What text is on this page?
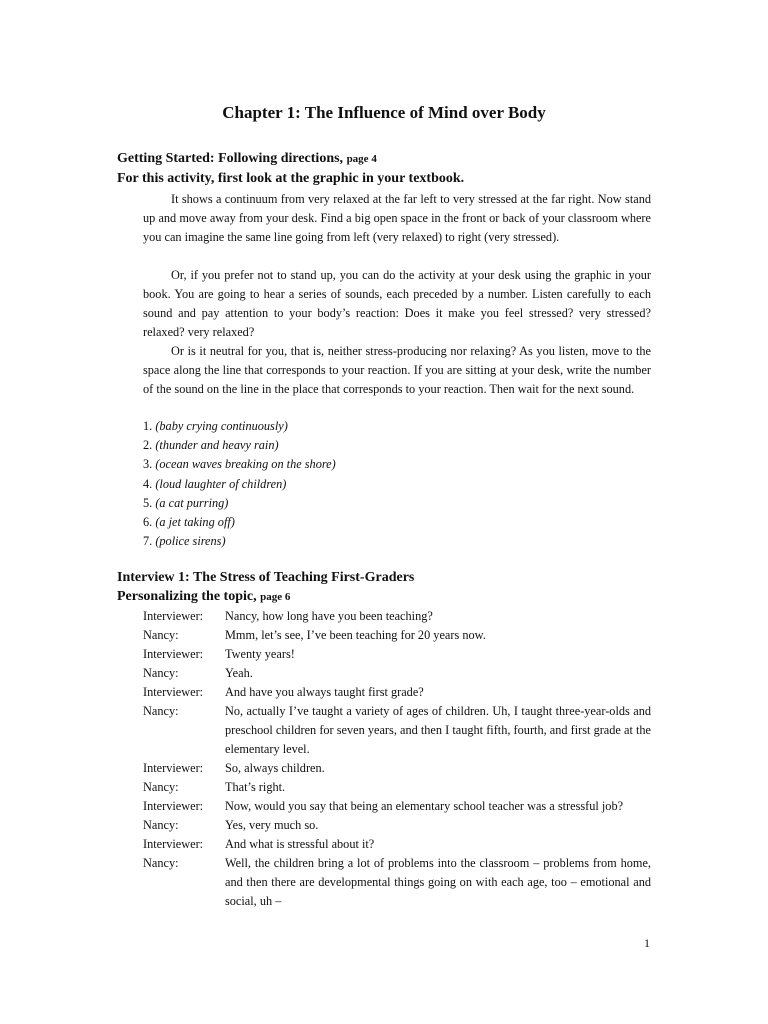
Chapter 1: The Influence of Mind over Body
Getting Started: Following directions, page 4
For this activity, first look at the graphic in your textbook.

It shows a continuum from very relaxed at the far left to very stressed at the far right. Now stand up and move away from your desk. Find a big open space in the front or back of your classroom where you can imagine the same line going from left (very relaxed) to right (very stressed).

Or, if you prefer not to stand up, you can do the activity at your desk using the graphic in your book. You are going to hear a series of sounds, each preceded by a number. Listen carefully to each sound and pay attention to your body’s reaction: Does it make you feel stressed? very stressed? relaxed? very relaxed?

Or is it neutral for you, that is, neither stress-producing nor relaxing? As you listen, move to the space along the line that corresponds to your reaction. If you are sitting at your desk, write the number of the sound on the line in the place that corresponds to your reaction. Then wait for the next sound.

1. (baby crying continuously)
2. (thunder and heavy rain)
3. (ocean waves breaking on the shore)
4. (loud laughter of children)
5. (a cat purring)
6. (a jet taking off)
7. (police sirens)
Interview 1: The Stress of Teaching First-Graders
Personalizing the topic, page 6
Interviewer:	Nancy, how long have you been teaching?
Nancy:	Mmm, let’s see, I’ve been teaching for 20 years now.
Interviewer:	Twenty years!
Nancy:	Yeah.
Interviewer:	And have you always taught first grade?
Nancy:	No, actually I’ve taught a variety of ages of children. Uh, I taught three-year-olds and preschool children for seven years, and then I taught fifth, fourth, and first grade at the elementary level.
Interviewer:	So, always children.
Nancy:	That’s right.
Interviewer:	Now, would you say that being an elementary school teacher was a stressful job?
Nancy:	Yes, very much so.
Interviewer:	And what is stressful about it?
Nancy:	Well, the children bring a lot of problems into the classroom – problems from home, and then there are developmental things going on with each age, too – emotional and social, uh –
1
